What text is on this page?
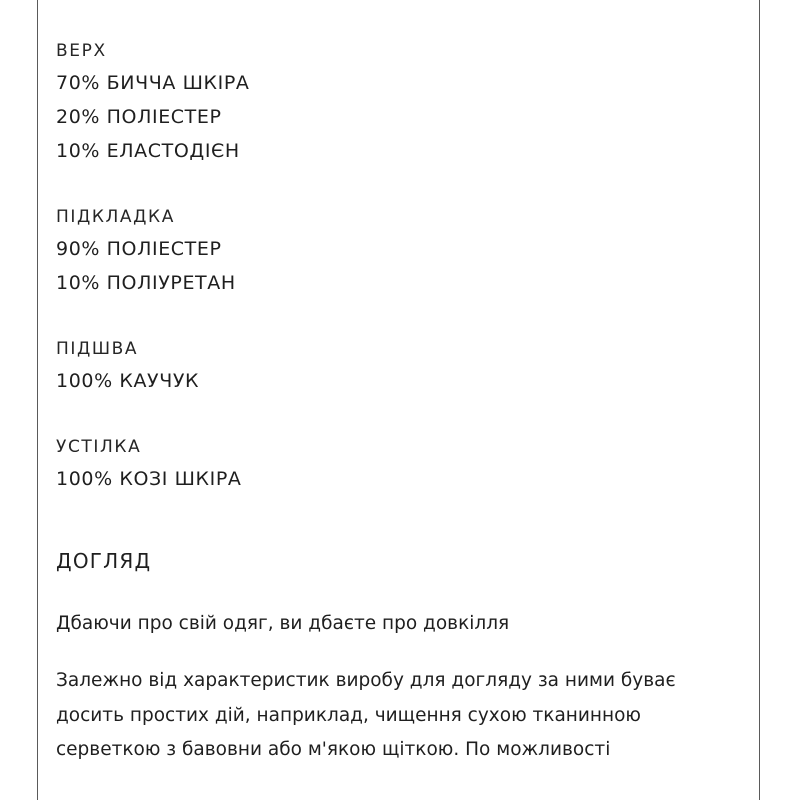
ВЕРХ
70% БИЧЧА ШКІРА
20% ПОЛІЕСТЕР
10% ЕЛАСТОДІЄН
ПІДКЛАДКА
90% ПОЛІЕСТЕР
10% ПОЛІУРЕТАН
ПІДШВА
100% КАУЧУК
УСТІЛКА
100% КОЗІ ШКІРА
ДОГЛЯД
Дбаючи про свій одяг, ви дбаєте про довкілля
Залежно від характеристик виробу для догляду за ними буває
досить простих дій, наприклад, чищення сухою тканинною
серветкою з бавовни або м'якою щіткою. По можливості
